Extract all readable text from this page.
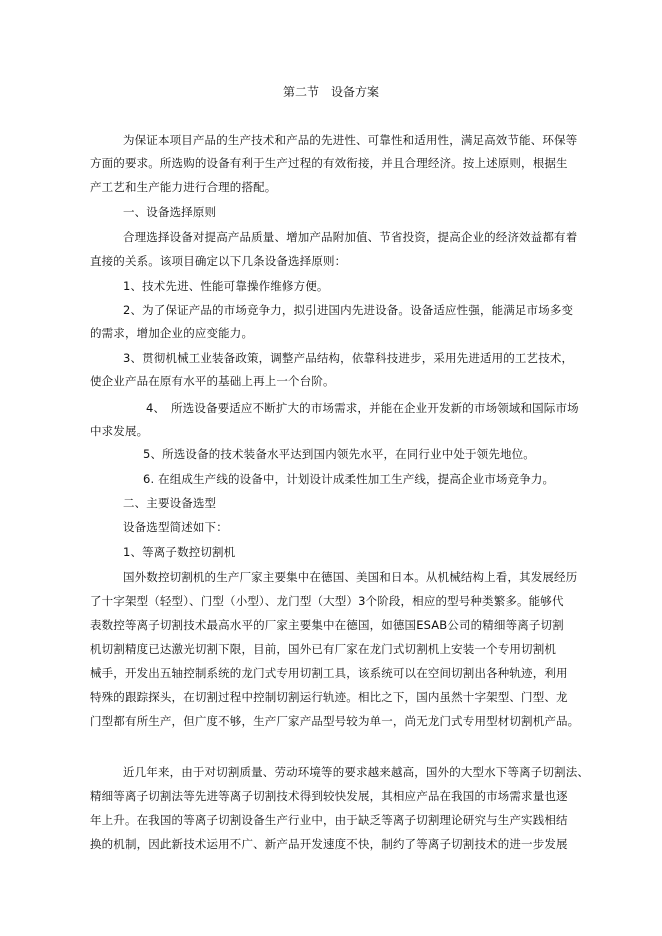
第二节　设备方案
为保证本项目产品的生产技术和产品的先进性、可靠性和适用性，满足高效节能、环保等
方面的要求。所选购的设备有利于生产过程的有效衔接，并且合理经济。按上述原则，根据生
产工艺和生产能力进行合理的搭配。
一、设备选择原则
合理选择设备对提高产品质量、增加产品附加值、节省投资，提高企业的经济效益都有着
直接的关系。该项目确定以下几条设备选择原则：
1、技术先进、性能可靠操作维修方便。
2、为了保证产品的市场竞争力，拟引进国内先进设备。设备适应性强，能满足市场多变
的需求，增加企业的应变能力。
3、贯彻机械工业装备政策，调整产品结构，依靠科技进步，采用先进适用的工艺技术，
使企业产品在原有水平的基础上再上一个台阶。
4、　所选设备要适应不断扩大的市场需求，并能在企业开发新的市场领域和国际市场
中求发展。
5、所选设备的技术装备水平达到国内领先水平，在同行业中处于领先地位。
6. 在组成生产线的设备中，计划设计成柔性加工生产线，提高企业市场竞争力。
二、主要设备选型
设备选型简述如下：
1、等离子数控切割机
国外数控切割机的生产厂家主要集中在德国、美国和日本。从机械结构上看，其发展经历
了十字架型（轻型）、门型（小型）、龙门型（大型）3个阶段，相应的型号种类繁多。能够代
表数控等离子切割技术最高水平的厂家主要集中在德国，如德国ESAB公司的精细等离子切割
机切割精度已达激光切割下限，目前，国外已有厂家在龙门式切割机上安装一个专用切割机
械手，开发出五轴控制系统的龙门式专用切割工具，该系统可以在空间切割出各种轨迹，利用
特殊的跟踪探头，在切割过程中控制切割运行轨迹。相比之下，国内虽然十字架型、门型、龙
门型都有所生产，但广度不够，生产厂家产品型号较为单一，尚无龙门式专用型材切割机产品。
近几年来，由于对切割质量、劳动环境等的要求越来越高，国外的大型水下等离子切割法、
精细等离子切割法等先进等离子切割技术得到较快发展，其相应产品在我国的市场需求量也逐
年上升。在我国的等离子切割设备生产行业中，由于缺乏等离子切割理论研究与生产实践相结
换的机制，因此新技术运用不广、新产品开发速度不快，制约了等离子切割技术的进一步发展
